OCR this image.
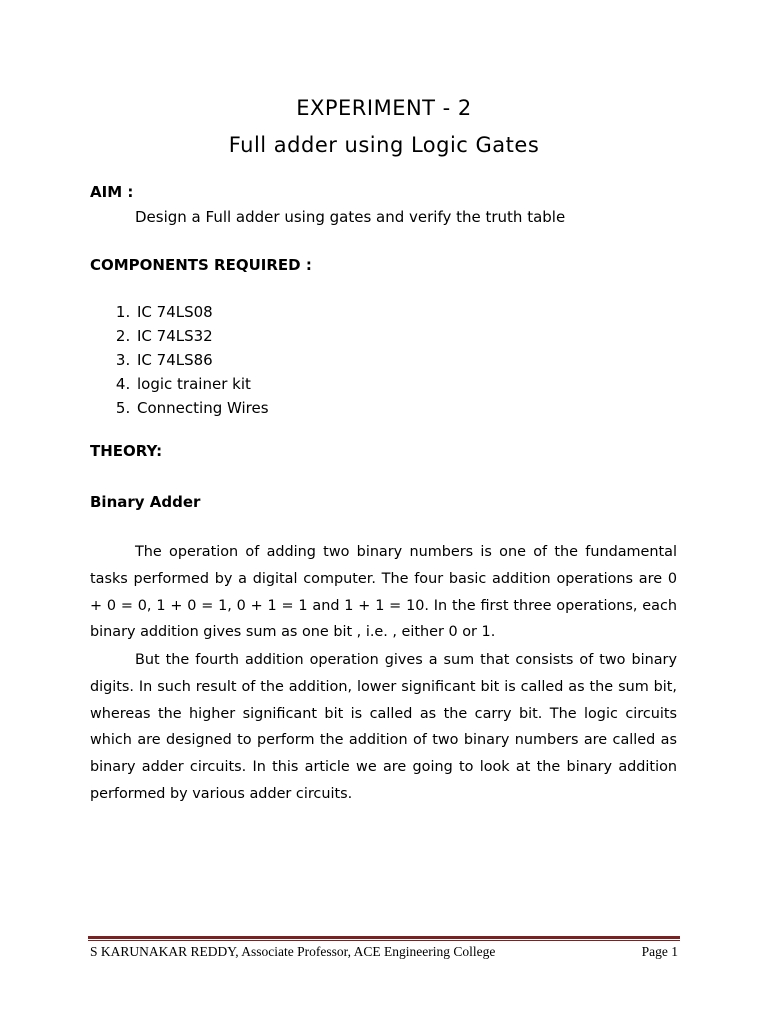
EXPERIMENT - 2
Full adder using Logic Gates
AIM :
Design a Full adder using gates and verify the truth table
COMPONENTS REQUIRED :
1. IC 74LS08
2. IC 74LS32
3. IC 74LS86
4. logic trainer kit
5. Connecting Wires
THEORY:
Binary Adder

The operation of adding two binary numbers is one of the fundamental tasks performed by a digital computer. The four basic addition operations are 0 + 0 = 0, 1 + 0 = 1, 0 + 1 = 1 and 1 + 1 = 10. In the first three operations, each binary addition gives sum as one bit , i.e. , either 0 or 1.

But the fourth addition operation gives a sum that consists of two binary digits. In such result of the addition, lower significant bit is called as the sum bit, whereas the higher significant bit is called as the carry bit. The logic circuits which are designed to perform the addition of two binary numbers are called as binary adder circuits. In this article we are going to look at the binary addition performed by various adder circuits.

S KARUNAKAR REDDY, Associate Professor, ACE Engineering College	Page 1
